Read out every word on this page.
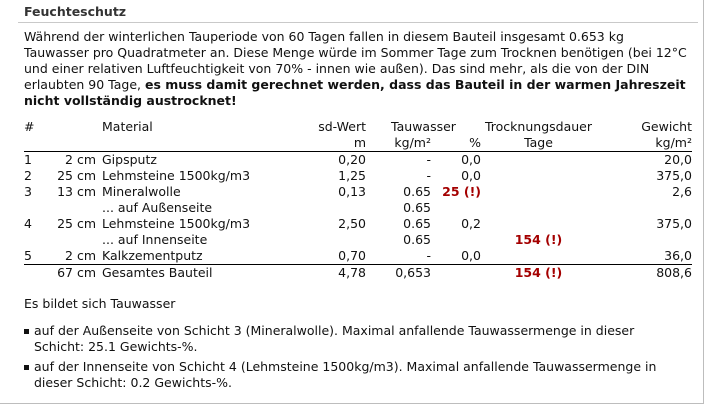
Feuchteschutz
Während der winterlichen Tauperiode von 60 Tagen fallen in diesem Bauteil insgesamt 0.653 kg Tauwasser pro Quadratmeter an. Diese Menge würde im Sommer Tage zum Trocknen benötigen (bei 12°C und einer relativen Luftfeuchtigkeit von 70% - innen wie außen). Das sind mehr, als die von der DIN erlaubten 90 Tage, es muss damit gerechnet werden, dass das Bauteil in der warmen Jahreszeit nicht vollständig austrocknet!
#		Material	sd-Wert	Tauwasser		Trocknungsdauer	Gewicht
			m	kg/m²	%	Tage	kg/m²
1	2 cm	Gipsputz	0,20	-	0,0		20,0
2	25 cm	Lehmsteine 1500kg/m3	1,25	-	0,0		375,0
3	13 cm	Mineralwolle	0,13	0.65	25 (!)		2,6
		... auf Außenseite		0.65			
4	25 cm	Lehmsteine 1500kg/m3	2,50	0.65	0,2		375,0
		... auf Innenseite		0.65		154 (!)	
5	2 cm	Kalkzementputz	0,70	-	0,0		36,0
	67 cm	Gesamtes Bauteil	4,78	0,653		154 (!)	808,6
Es bildet sich Tauwasser
auf der Außenseite von Schicht 3 (Mineralwolle). Maximal anfallende Tauwassermenge in dieser Schicht: 25.1 Gewichts-%.
auf der Innenseite von Schicht 4 (Lehmsteine 1500kg/m3). Maximal anfallende Tauwassermenge in dieser Schicht: 0.2 Gewichts-%.
